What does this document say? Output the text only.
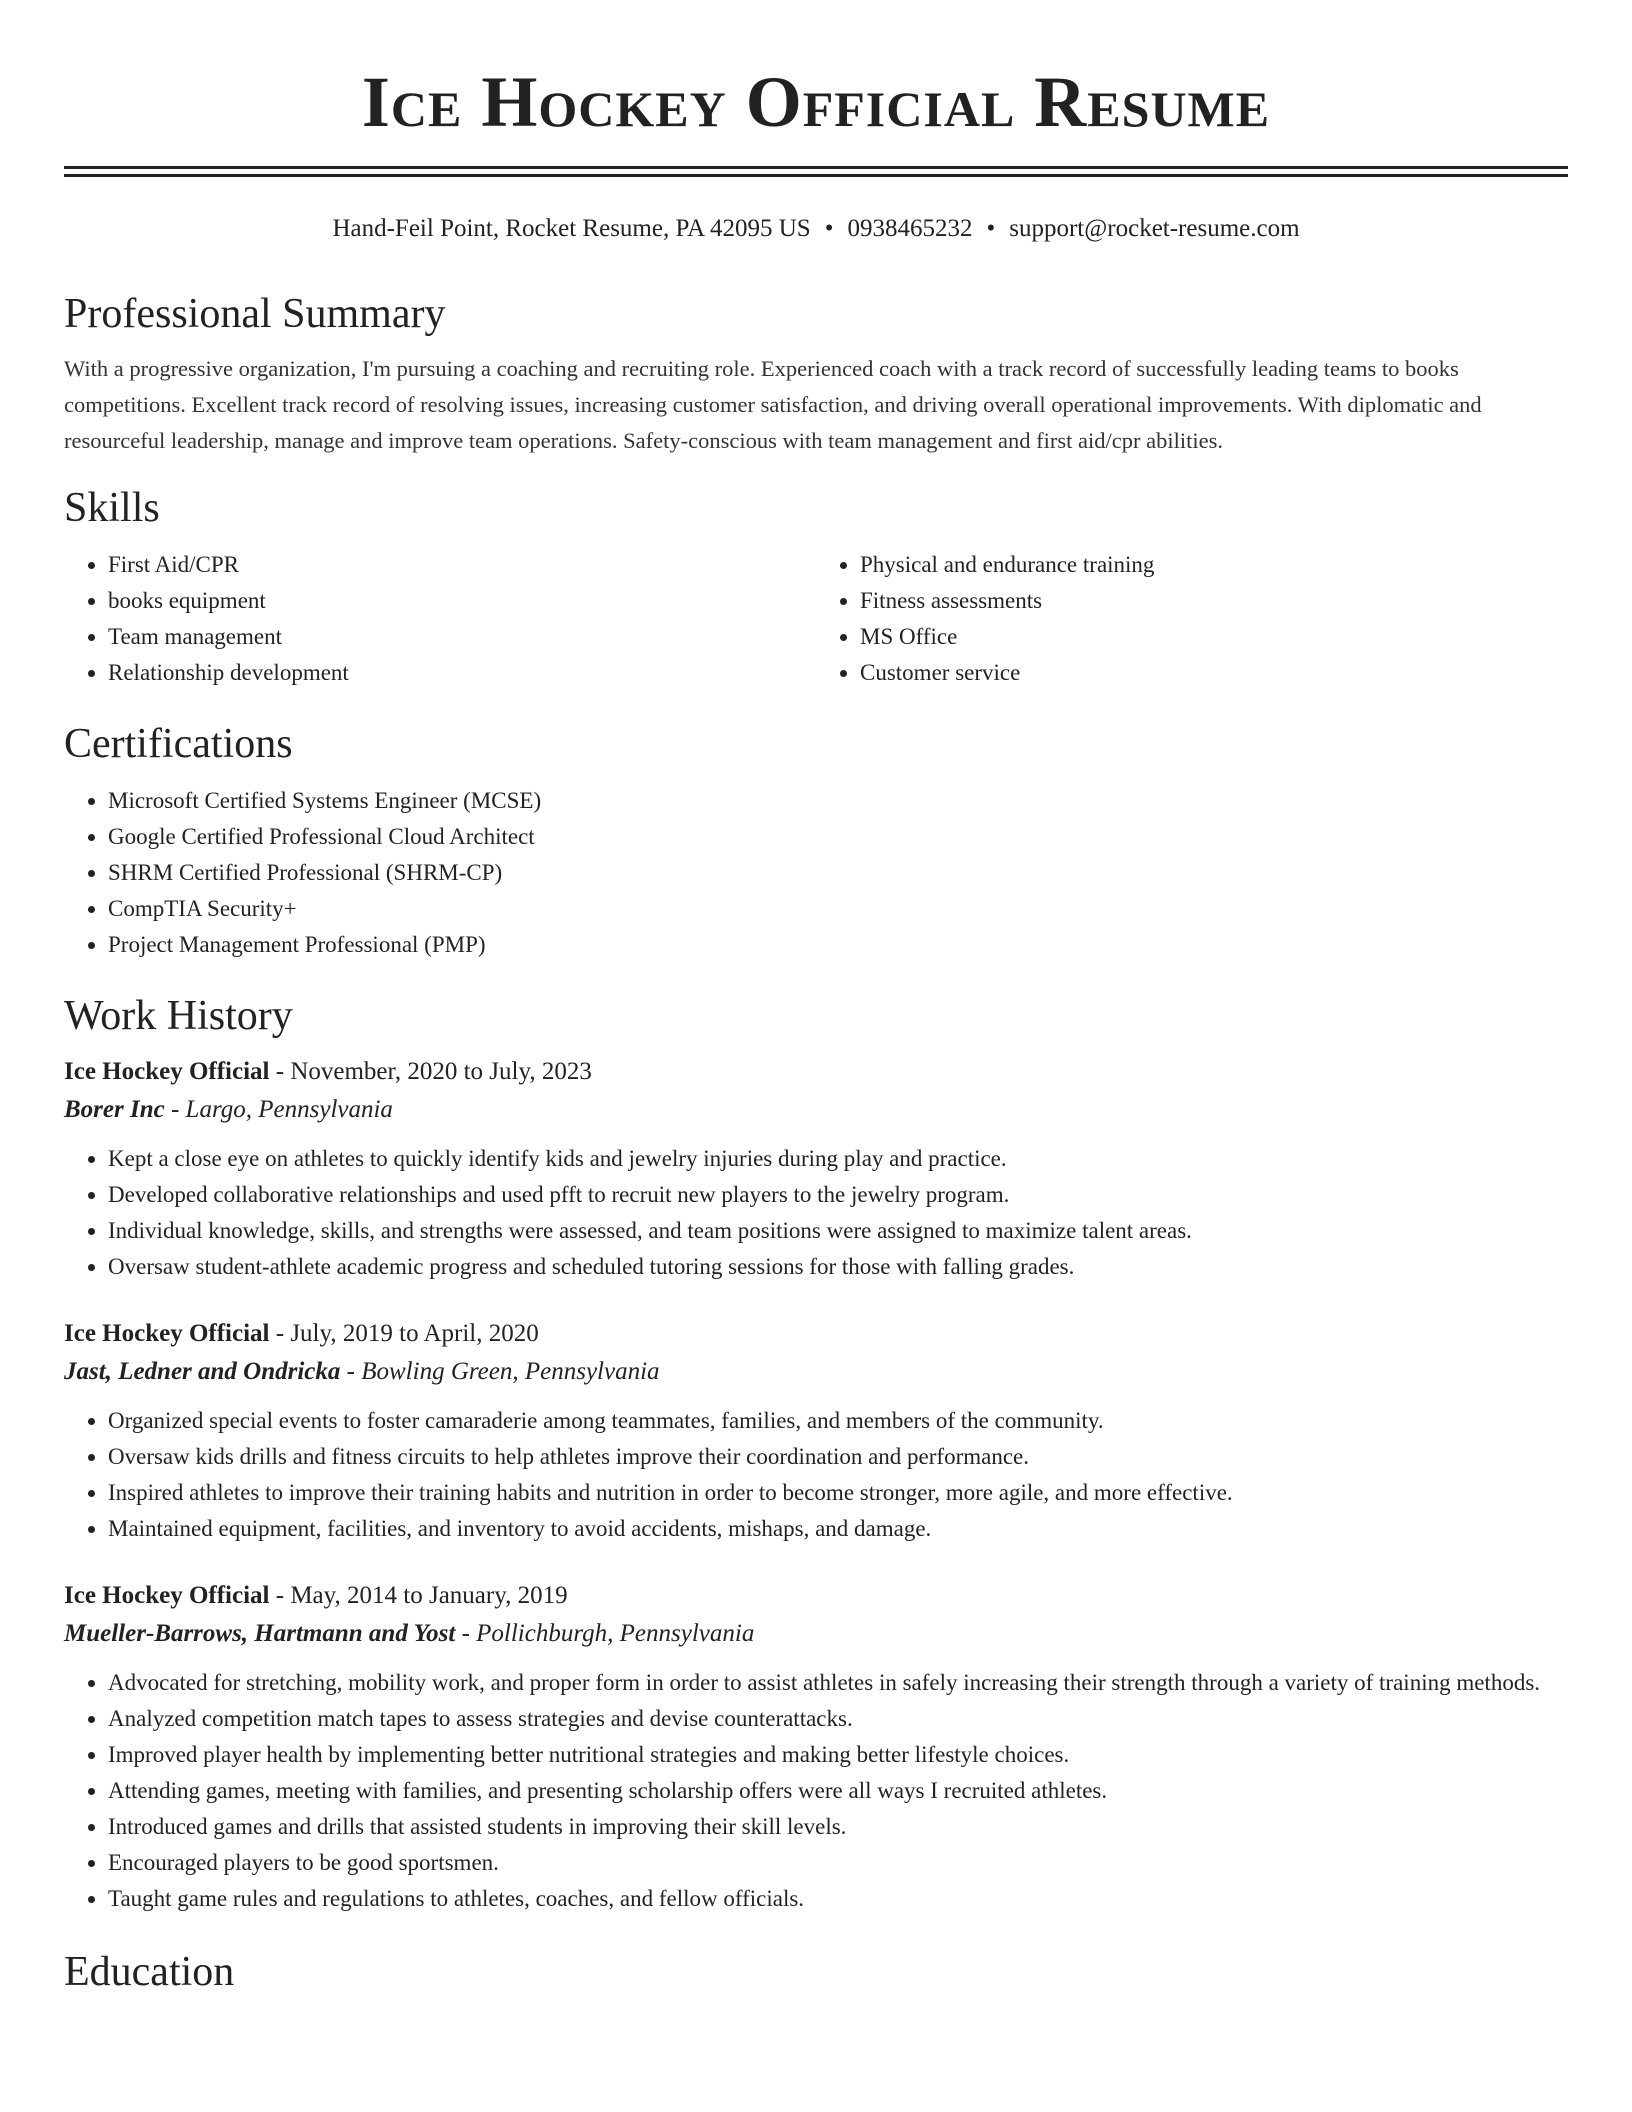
Ice Hockey Official Resume
Hand-Feil Point, Rocket Resume, PA 42095 US • 0938465232 • support@rocket-resume.com
Professional Summary

With a progressive organization, I'm pursuing a coaching and recruiting role. Experienced coach with a track record of successfully leading teams to books competitions. Excellent track record of resolving issues, increasing customer satisfaction, and driving overall operational improvements. With diplomatic and resourceful leadership, manage and improve team operations. Safety-conscious with team management and first aid/cpr abilities.

Skills
• First Aid/CPR
• books equipment
• Team management
• Relationship development
• Physical and endurance training
• Fitness assessments
• MS Office
• Customer service
Certifications
• Microsoft Certified Systems Engineer (MCSE)
• Google Certified Professional Cloud Architect
• SHRM Certified Professional (SHRM-CP)
• CompTIA Security+
• Project Management Professional (PMP)
Work History
Ice Hockey Official - November, 2020 to July, 2023
Borer Inc - Largo, Pennsylvania
• Kept a close eye on athletes to quickly identify kids and jewelry injuries during play and practice.
• Developed collaborative relationships and used pfft to recruit new players to the jewelry program.
• Individual knowledge, skills, and strengths were assessed, and team positions were assigned to maximize talent areas.
• Oversaw student-athlete academic progress and scheduled tutoring sessions for those with falling grades.
Ice Hockey Official - July, 2019 to April, 2020
Jast, Ledner and Ondricka - Bowling Green, Pennsylvania
• Organized special events to foster camaraderie among teammates, families, and members of the community.
• Oversaw kids drills and fitness circuits to help athletes improve their coordination and performance.
• Inspired athletes to improve their training habits and nutrition in order to become stronger, more agile, and more effective.
• Maintained equipment, facilities, and inventory to avoid accidents, mishaps, and damage.
Ice Hockey Official - May, 2014 to January, 2019
Mueller-Barrows, Hartmann and Yost - Pollichburgh, Pennsylvania
• Advocated for stretching, mobility work, and proper form in order to assist athletes in safely increasing their strength through a variety of training methods.
• Analyzed competition match tapes to assess strategies and devise counterattacks.
• Improved player health by implementing better nutritional strategies and making better lifestyle choices.
• Attending games, meeting with families, and presenting scholarship offers were all ways I recruited athletes.
• Introduced games and drills that assisted students in improving their skill levels.
• Encouraged players to be good sportsmen.
• Taught game rules and regulations to athletes, coaches, and fellow officials.
Education
